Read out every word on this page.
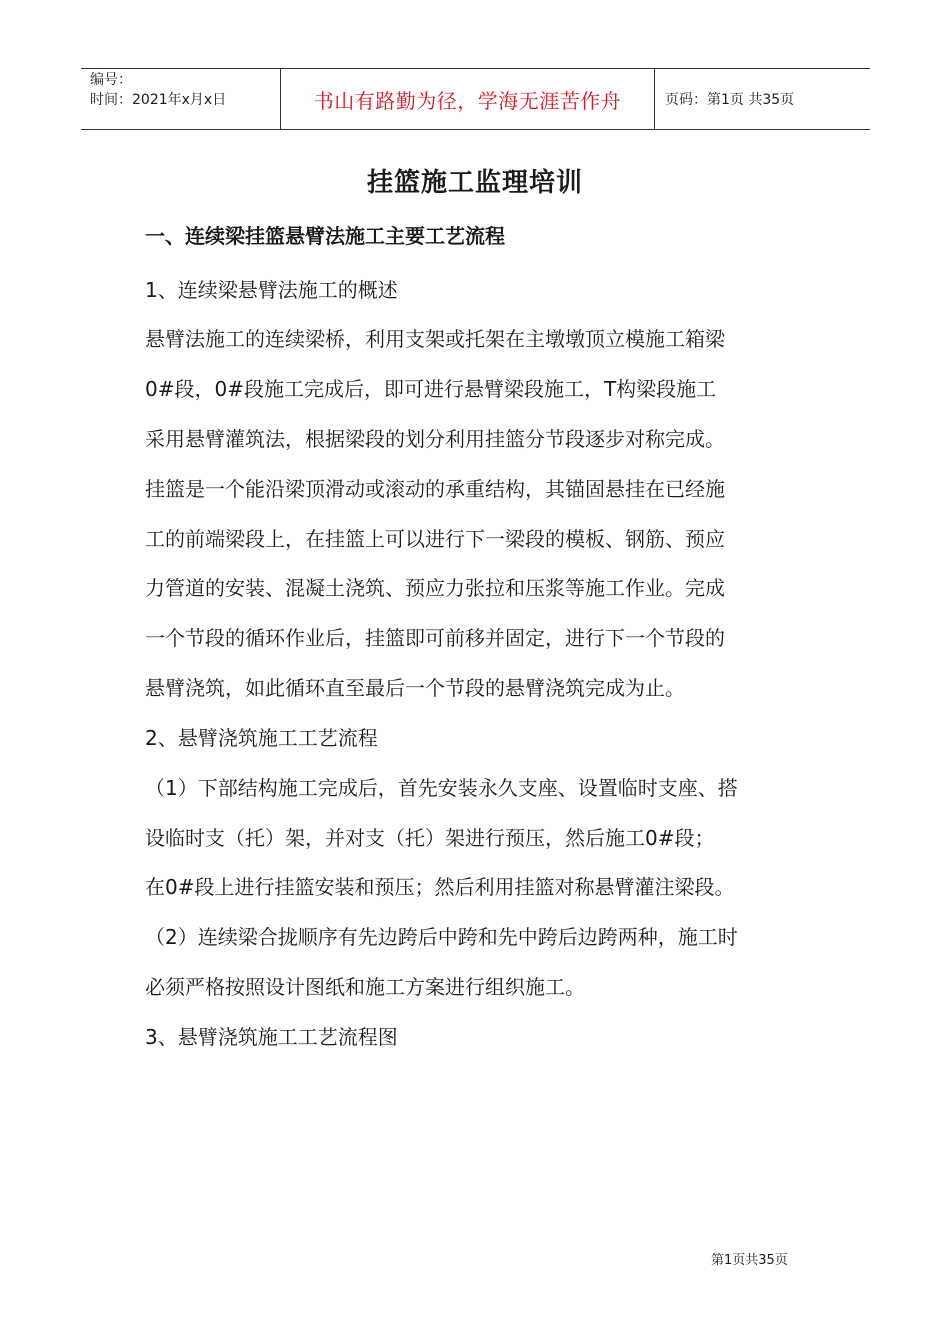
编号：
时间：2021年x月x日	书山有路勤为径，学海无涯苦作舟	页码：第1页 共35页
挂篮施工监理培训
一、连续梁挂篮悬臂法施工主要工艺流程
1、连续梁悬臂法施工的概述
悬臂法施工的连续梁桥，利用支架或托架在主墩墩顶立模施工箱梁
0#段，0#段施工完成后，即可进行悬臂梁段施工，T构梁段施工
采用悬臂灌筑法，根据梁段的划分利用挂篮分节段逐步对称完成。
挂篮是一个能沿梁顶滑动或滚动的承重结构，其锚固悬挂在已经施
工的前端梁段上，在挂篮上可以进行下一梁段的模板、钢筋、预应
力管道的安装、混凝土浇筑、预应力张拉和压浆等施工作业。完成
一个节段的循环作业后，挂篮即可前移并固定，进行下一个节段的
悬臂浇筑，如此循环直至最后一个节段的悬臂浇筑完成为止。
2、悬臂浇筑施工工艺流程
（1）下部结构施工完成后，首先安装永久支座、设置临时支座、搭
设临时支（托）架，并对支（托）架进行预压，然后施工0#段；
在0#段上进行挂篮安装和预压；然后利用挂篮对称悬臂灌注梁段。
（2）连续梁合拢顺序有先边跨后中跨和先中跨后边跨两种，施工时
必须严格按照设计图纸和施工方案进行组织施工。
3、悬臂浇筑施工工艺流程图
第1页共35页
